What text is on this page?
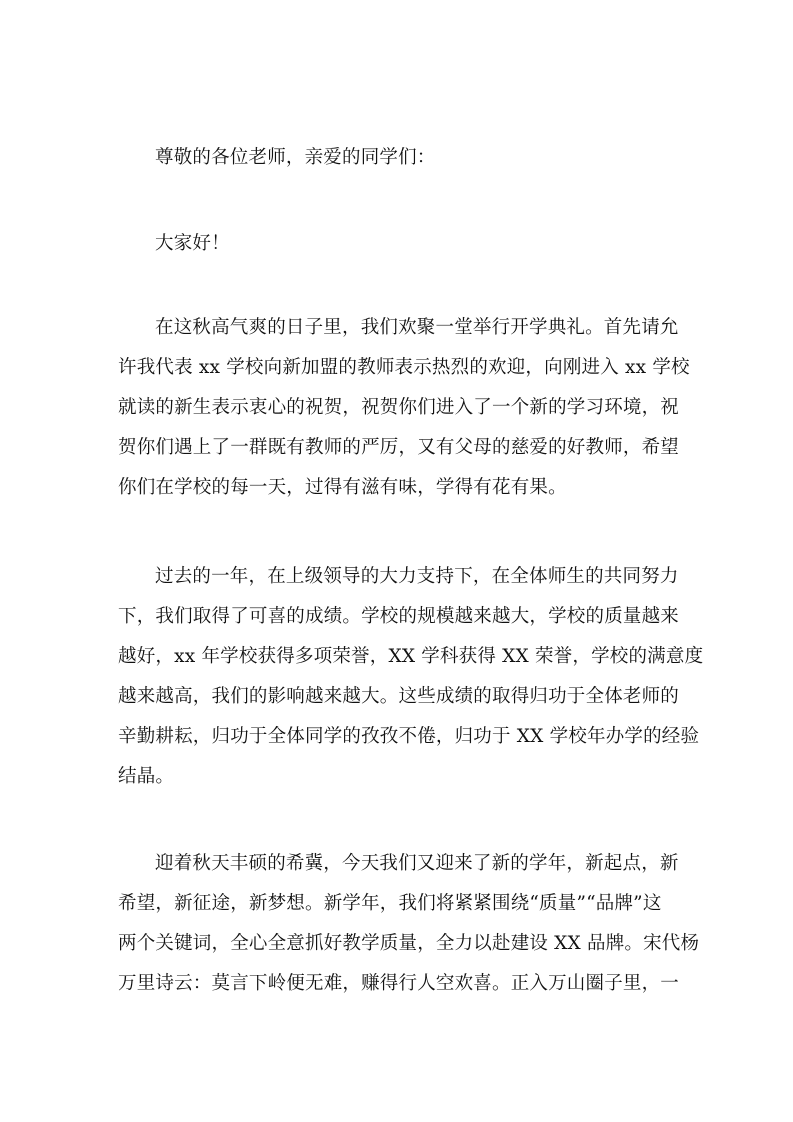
尊敬的各位老师，亲爱的同学们：
大家好！
在这秋高气爽的日子里，我们欢聚一堂举行开学典礼。首先请允
许我代表 xx 学校向新加盟的教师表示热烈的欢迎，向刚进入 xx 学校
就读的新生表示衷心的祝贺，祝贺你们进入了一个新的学习环境，祝
贺你们遇上了一群既有教师的严厉，又有父母的慈爱的好教师，希望
你们在学校的每一天，过得有滋有味，学得有花有果。
过去的一年，在上级领导的大力支持下，在全体师生的共同努力
下，我们取得了可喜的成绩。学校的规模越来越大，学校的质量越来
越好，xx 年学校获得多项荣誉，XX 学科获得 XX 荣誉，学校的满意度
越来越高，我们的影响越来越大。这些成绩的取得归功于全体老师的
辛勤耕耘，归功于全体同学的孜孜不倦，归功于 XX 学校年办学的经验
结晶。
迎着秋天丰硕的希冀，今天我们又迎来了新的学年，新起点，新
希望，新征途，新梦想。新学年，我们将紧紧围绕“质量”“品牌”这
两个关键词，全心全意抓好教学质量，全力以赴建设 XX 品牌。宋代杨
万里诗云：莫言下岭便无难，赚得行人空欢喜。正入万山圈子里，一
